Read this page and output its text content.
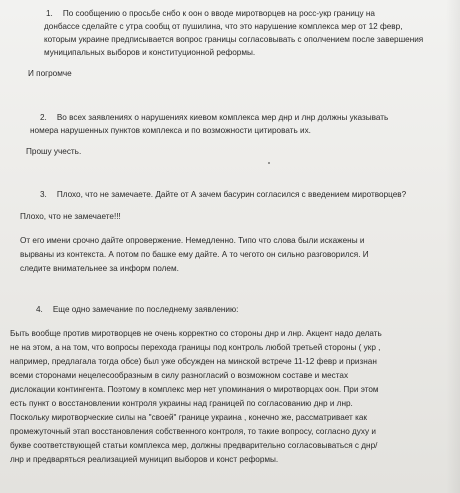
1. По сообщению о просьбе снбо к оон о вводе миротворцев на росс-укр границу на
донбассе сделайте с утра сообщ от пушилина, что это нарушение комплекса мер от 12 февр,
которым украине предписывается вопрос границы согласовывать с ополчением после завершения
муниципальных выборов и конституционной реформы.
И погромче
2. Во всех заявлениях о нарушениях киевом комплекса мер днр и лнр должны указывать
номера нарушенных пунктов комплекса и по возможности цитировать их.
Прошу учесть.
3. Плохо, что не замечаете. Дайте от А зачем басурин согласился с введением миротворцев?
Плохо, что не замечаете!!!
От его имени срочно дайте опровержение. Немедленно. Типо что слова были искажены и
вырваны из контекста. А потом по башке ему дайте. А то чегото он сильно разговорился. И
следите внимательнее за информ полем.
4. Еще одно замечание по последнему заявлению:
Быть вообще против миротворцев не очень корректно со стороны днр и лнр. Акцент надо делать
не на этом, а на том, что вопросы перехода границы под контроль любой третьей стороны ( укр ,
например, предлагала тогда обсе) был уже обсужден на минской встрече 11-12 февр и признан
всеми сторонами нецелесообразным в силу разногласий о возможном составе и местах
дислокации контингента. Поэтому в комплекс мер нет упоминания о миротворцах оон. При этом
есть пункт о восстановлении контроля украины над границей по согласованию днр и лнр.
Поскольку миротворческие силы на "своей" границе украина , конечно же, рассматривает как
промежуточный этап восстановления собственного контроля, то такие вопросу, согласно духу и
букве соответствующей статьи комплекса мер, должны предварительно согласовываться с днр/
лнр и предваряться реализацией муницип выборов и конст реформы.
